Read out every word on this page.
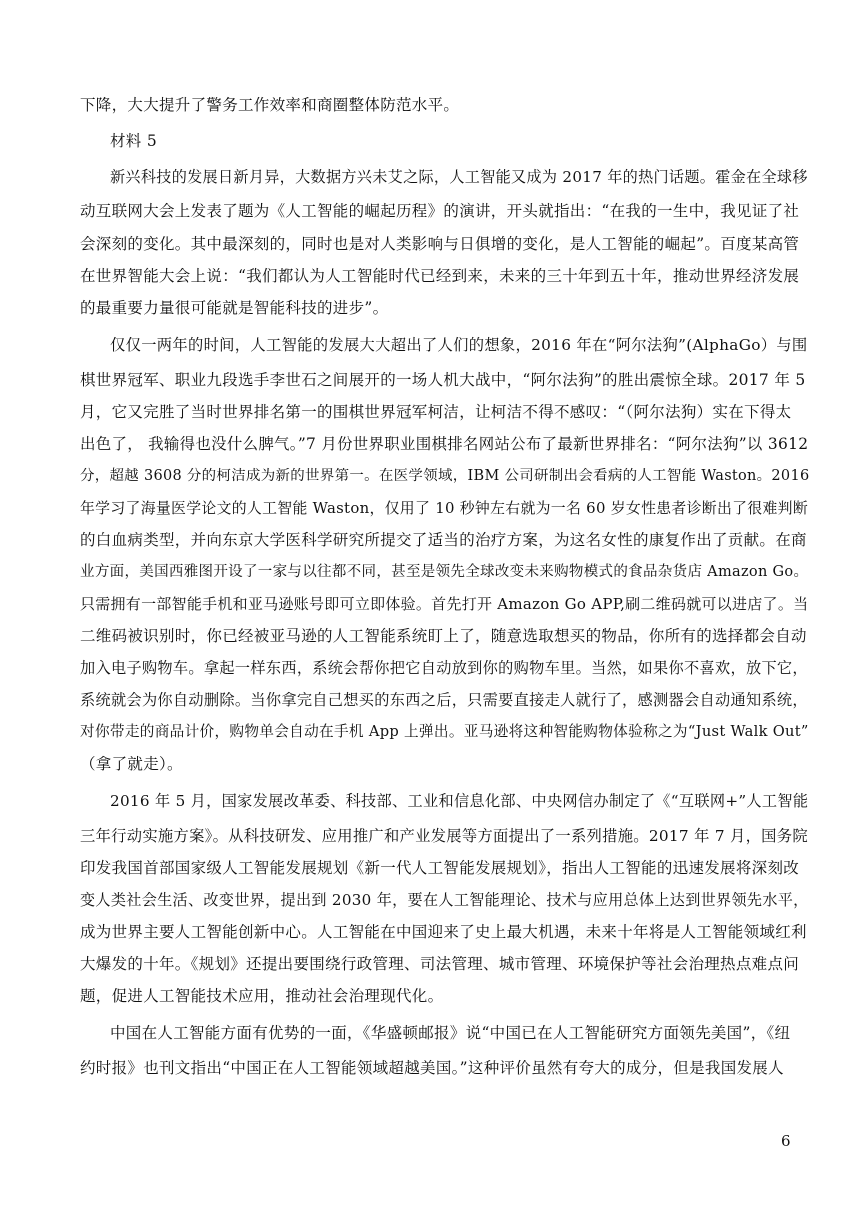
下降，大大提升了警务工作效率和商圈整体防范水平。
材料 5
新兴科技的发展日新月异，大数据方兴未艾之际，人工智能又成为 2017 年的热门话题。霍金在全球移
动互联网大会上发表了题为《人工智能的崛起历程》的演讲，开头就指出：“在我的一生中，我见证了社
会深刻的变化。其中最深刻的，同时也是对人类影响与日俱增的变化，是人工智能的崛起”。百度某高管
在世界智能大会上说：“我们都认为人工智能时代已经到来，未来的三十年到五十年，推动世界经济发展
的最重要力量很可能就是智能科技的进步”。
仅仅一两年的时间，人工智能的发展大大超出了人们的想象，2016 年在“阿尔法狗”(AlphaGo）与围
棋世界冠军、职业九段选手李世石之间展开的一场人机大战中，“阿尔法狗”的胜出震惊全球。2017 年 5
月，它又完胜了当时世界排名第一的围棋世界冠军柯洁，让柯洁不得不感叹：“（阿尔法狗）实在下得太
出色了， 我输得也没什么脾气。”7 月份世界职业围棋排名网站公布了最新世界排名：“阿尔法狗”以 3612
分，超越 3608 分的柯洁成为新的世界第一。在医学领域，IBM 公司研制出会看病的人工智能 Waston。2016
年学习了海量医学论文的人工智能 Waston，仅用了 10 秒钟左右就为一名 60 岁女性患者诊断出了很难判断
的白血病类型，并向东京大学医科学研究所提交了适当的治疗方案，为这名女性的康复作出了贡献。在商
业方面，美国西雅图开设了一家与以往都不同，甚至是领先全球改变未来购物模式的食品杂货店 Amazon Go。
只需拥有一部智能手机和亚马逊账号即可立即体验。首先打开 Amazon Go APP,刷二维码就可以进店了。当
二维码被识别时，你已经被亚马逊的人工智能系统盯上了，随意选取想买的物品，你所有的选择都会自动
加入电子购物车。拿起一样东西，系统会帮你把它自动放到你的购物车里。当然，如果你不喜欢，放下它，
系统就会为你自动删除。当你拿完自己想买的东西之后，只需要直接走人就行了，感测器会自动通知系统，
对你带走的商品计价，购物单会自动在手机 App 上弹出。亚马逊将这种智能购物体验称之为“Just Walk Out”
（拿了就走）。
2016 年 5 月，国家发展改革委、科技部、工业和信息化部、中央网信办制定了《“互联网+”人工智能
三年行动实施方案》。从科技研发、应用推广和产业发展等方面提出了一系列措施。2017 年 7 月，国务院
印发我国首部国家级人工智能发展规划《新一代人工智能发展规划》，指出人工智能的迅速发展将深刻改
变人类社会生活、改变世界，提出到 2030 年，要在人工智能理论、技术与应用总体上达到世界领先水平，
成为世界主要人工智能创新中心。人工智能在中国迎来了史上最大机遇，未来十年将是人工智能领域红利
大爆发的十年。《规划》还提出要围绕行政管理、司法管理、城市管理、环境保护等社会治理热点难点问
题，促进人工智能技术应用，推动社会治理现代化。
中国在人工智能方面有优势的一面，《华盛顿邮报》说“中国已在人工智能研究方面领先美国”，《纽
约时报》也刊文指出“中国正在人工智能领域超越美国。”这种评价虽然有夸大的成分，但是我国发展人
6
